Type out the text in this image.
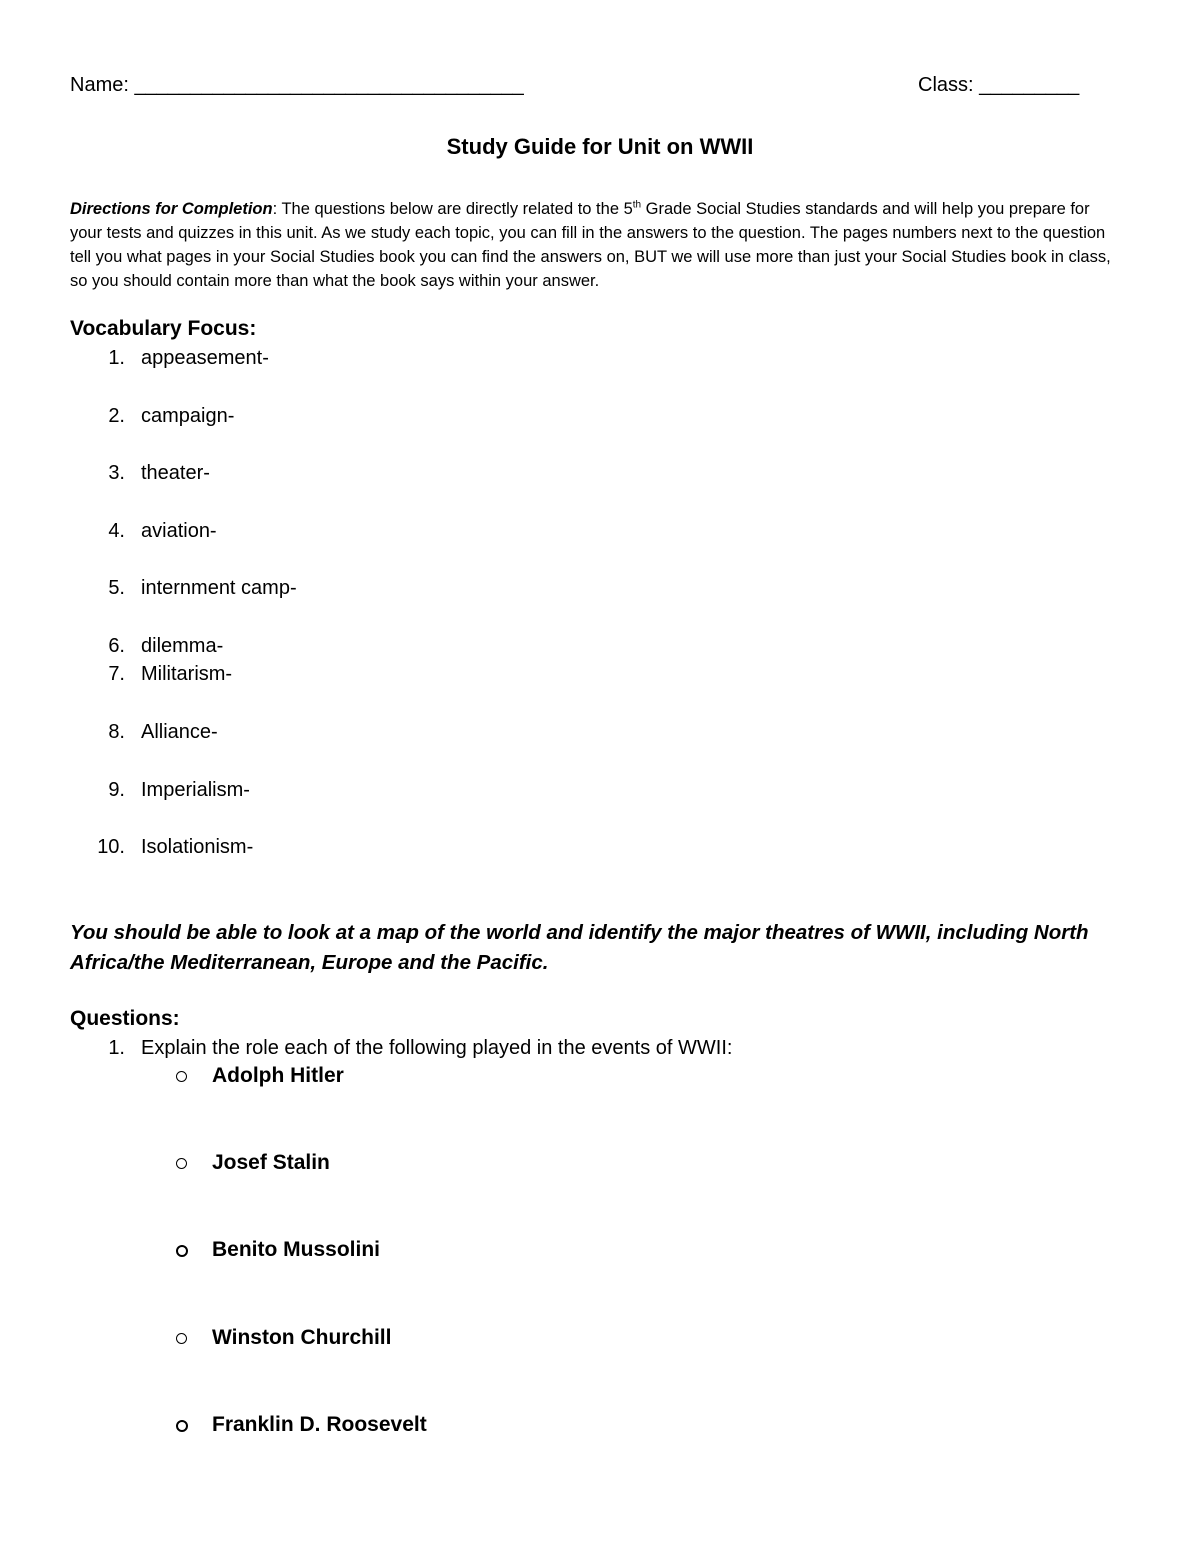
Name: ___________________________________	Class: _________
Study Guide for Unit on WWII
Directions for Completion: The questions below are directly related to the 5th Grade Social Studies standards and will help you prepare for your tests and quizzes in this unit. As we study each topic, you can fill in the answers to the question. The pages numbers next to the question tell you what pages in your Social Studies book you can find the answers on, BUT we will use more than just your Social Studies book in class, so you should contain more than what the book says within your answer.
Vocabulary Focus:
1. appeasement-
2. campaign-
3. theater-
4. aviation-
5. internment camp-
6. dilemma-
7. Militarism-
8. Alliance-
9. Imperialism-
10. Isolationism-
You should be able to look at a map of the world and identify the major theatres of WWII, including North Africa/the Mediterranean, Europe and the Pacific.
Questions:
1. Explain the role each of the following played in the events of WWII:
Adolph Hitler
Josef Stalin
Benito Mussolini
Winston Churchill
Franklin D. Roosevelt
